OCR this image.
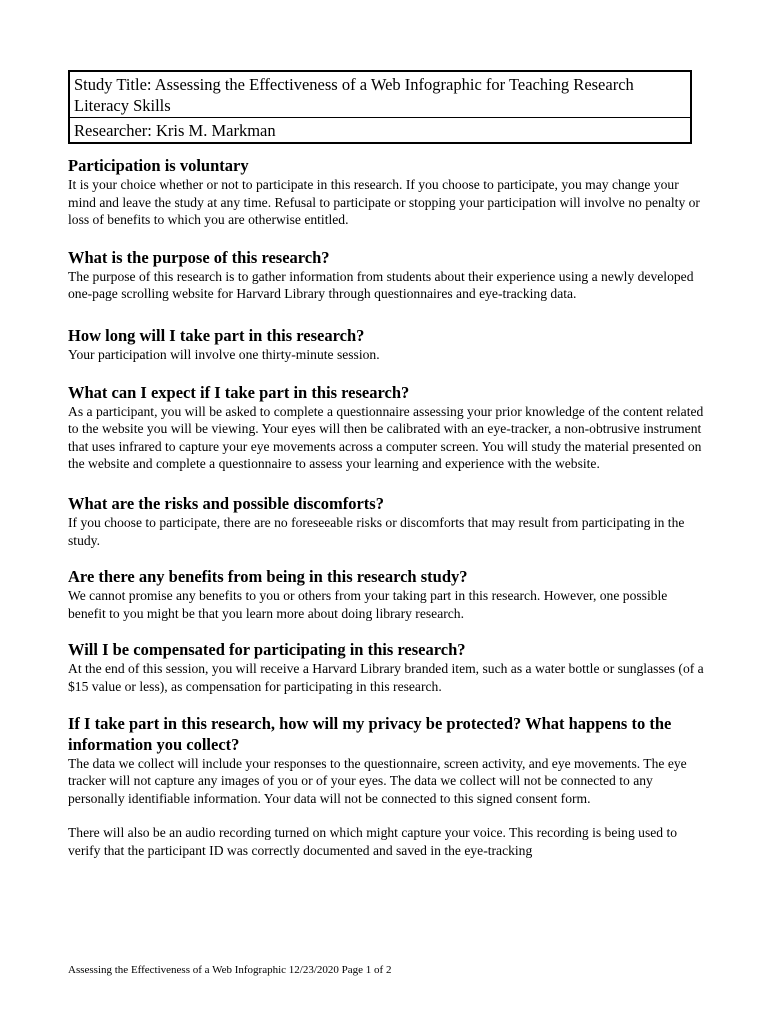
Study Title: Assessing the Effectiveness of a Web Infographic for Teaching Research Literacy Skills
Researcher: Kris M. Markman
Participation is voluntary

It is your choice whether or not to participate in this research. If you choose to participate, you may change your mind and leave the study at any time. Refusal to participate or stopping your participation will involve no penalty or loss of benefits to which you are otherwise entitled.

What is the purpose of this research?

The purpose of this research is to gather information from students about their experience using a newly developed one-page scrolling website for Harvard Library through questionnaires and eye-tracking data.

How long will I take part in this research?

Your participation will involve one thirty-minute session.

What can I expect if I take part in this research?

As a participant, you will be asked to complete a questionnaire assessing your prior knowledge of the content related to the website you will be viewing. Your eyes will then be calibrated with an eye-tracker, a non-obtrusive instrument that uses infrared to capture your eye movements across a computer screen. You will study the material presented on the website and complete a questionnaire to assess your learning and experience with the website.

What are the risks and possible discomforts?

If you choose to participate, there are no foreseeable risks or discomforts that may result from participating in the study.

Are there any benefits from being in this research study?

We cannot promise any benefits to you or others from your taking part in this research. However, one possible benefit to you might be that you learn more about doing library research.

Will I be compensated for participating in this research?

At the end of this session, you will receive a Harvard Library branded item, such as a water bottle or sunglasses (of a $15 value or less), as compensation for participating in this research.

If I take part in this research, how will my privacy be protected? What happens to the information you collect?

The data we collect will include your responses to the questionnaire, screen activity, and eye movements. The eye tracker will not capture any images of you or of your eyes. The data we collect will not be connected to any personally identifiable information. Your data will not be connected to this signed consent form.

There will also be an audio recording turned on which might capture your voice. This recording is being used to verify that the participant ID was correctly documented and saved in the eye-tracking

Assessing the Effectiveness of a Web Infographic 12/23/2020 Page 1 of 2
